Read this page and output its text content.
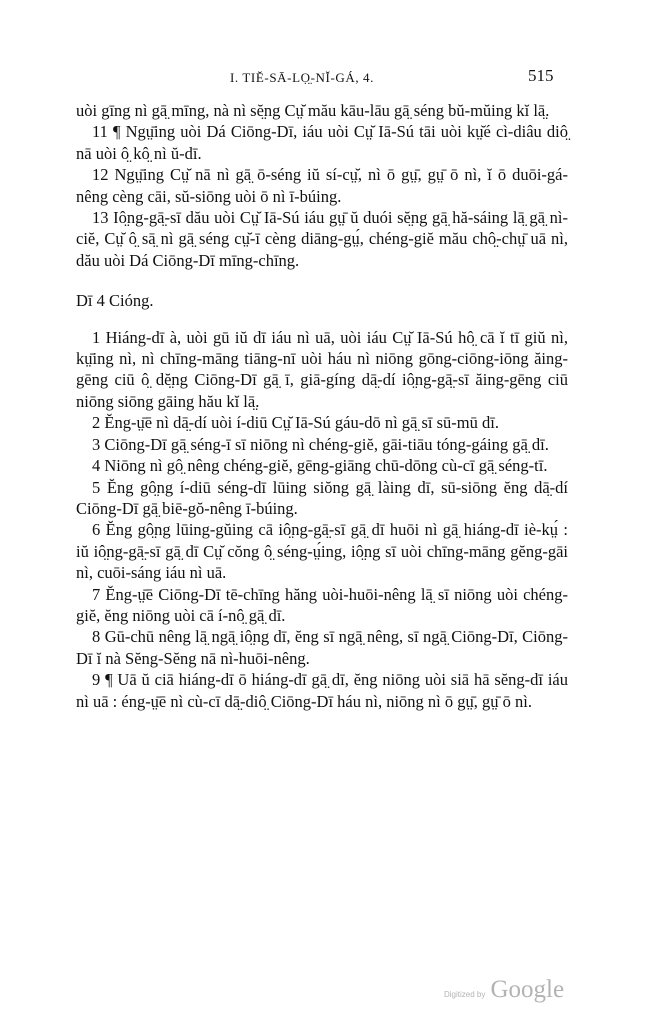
I. TIĔ-SĀ-LỌ̤-NĬ-GÁ, 4.	515

uòi gīng nì gā̤ mīng, nà nì sĕ̤ng Cṳ̆ mău kāu-lāu gā̤ séng bŭ-mŭing kĭ lā̤.

11 ¶ Ngṳ̄ing uòi Dá Ciōng-Dī, iáu uòi Cṳ̆ Iā-Sú tāi uòi kṳ̆é cì-diâu diô̤ nā uòi ô̤ kô̤ nì ŭ-dī.

12 Ngṳ̄ing Cṳ̆ nā nì gā̤ ō-séng iŭ sí-cṳ̆, nì ō gṳ̄, gṳ̄ ō nì, ĭ ō duōi-gá-nêng cèng cāi, sŭ-siōng uòi ō nì ī-búing.

13 Iô̤ng-gā̤-sī dău uòi Cṳ̆ Iā-Sú iáu gṳ̄ ŭ duói sĕ̤ng gā̤ hă-sáing lā̤ gā̤ nì-ciĕ, Cṳ̆ ô̤ sā̤ nì gā̤ séng cṳ̆-ī cèng diāng-gṳ́, chéng-giĕ mău chô̤-chṳ̄ uā nì, dău uòi Dá Ciōng-Dī mīng-chīng.

Dī 4 Cióng.

1 Hiáng-dī à, uòi gū iŭ dī iáu nì uā, uòi iáu Cṳ̆ Iā-Sú hô̤ cā ĭ tī giŭ nì, kṳ̄ing nì, nì chīng-māng tiāng-nī uòi háu nì niōng gōng-ciōng-iōng ăing-gēng ciū ô̤ dĕ̤ng Ciōng-Dī gā̤ ī, giā-gíng dā̤-dí iô̤ng-gā̤-sī ăing-gēng ciū niōng siōng gāing hău kĭ lā̤.

2 Ĕng-ṳ̄ē nì dā̤-dí uòi í-diū Cṳ̆ Iā-Sú gáu-dō nì gā̤ sī sū-mū dī.

3 Ciōng-Dī gā̤ séng-ī sī niōng nì chéng-giĕ, gāi-tiāu tóng-gáing gā̤ dī.

4 Niōng nì gô̤ nêng chéng-giĕ, gēng-giāng chū-dōng cù-cī gā̤ séng-tī.

5 Ĕng gô̤ng í-diū séng-dī lūing siŏng gā̤ làing dī, sū-siōng ĕng dā̤-dí Ciōng-Dī gā̤ biē-gŏ-nêng ī-búing.

6 Ĕng gô̤ng lūing-gŭing cā iô̤ng-gā̤-sī gā̤ dī huōi nì gā̤ hiáng-dī iè-kṳ́ : iŭ iô̤ng-gā̤-sī gā̤ dī Cṳ̆ cŏng ô̤ séng-ṳ́ing, iô̤ng sī uòi chīng-māng gĕng-gāi nì, cuōi-sáng iáu nì uā.

7 Ĕng-ṳ̄ē Ciōng-Dī tē-chīng hăng uòi-huōi-nêng lā̤ sī niōng uòi chéng-giĕ, ĕng niōng uòi cā í-nô̤ gā̤ dī.

8 Gū-chū nêng lā̤ ngā̤ iô̤ng dī, ĕng sī ngā̤ nêng, sī ngā̤ Ciōng-Dī, Ciōng-Dī ĭ nà Sĕng-Sĕng nā nì-huōi-nêng.

9 ¶ Uā ŭ ciā hiáng-dī ō hiáng-dī gā̤ dī, ĕng niōng uòi siā hā sĕng-dī iáu nì uā : éng-ṳ̄ē nì cù-cī dā̤-diô̤ Ciōng-Dī háu nì, niōng nì ō gṳ̄, gṳ̄ ō nì.

Digitized by Google
